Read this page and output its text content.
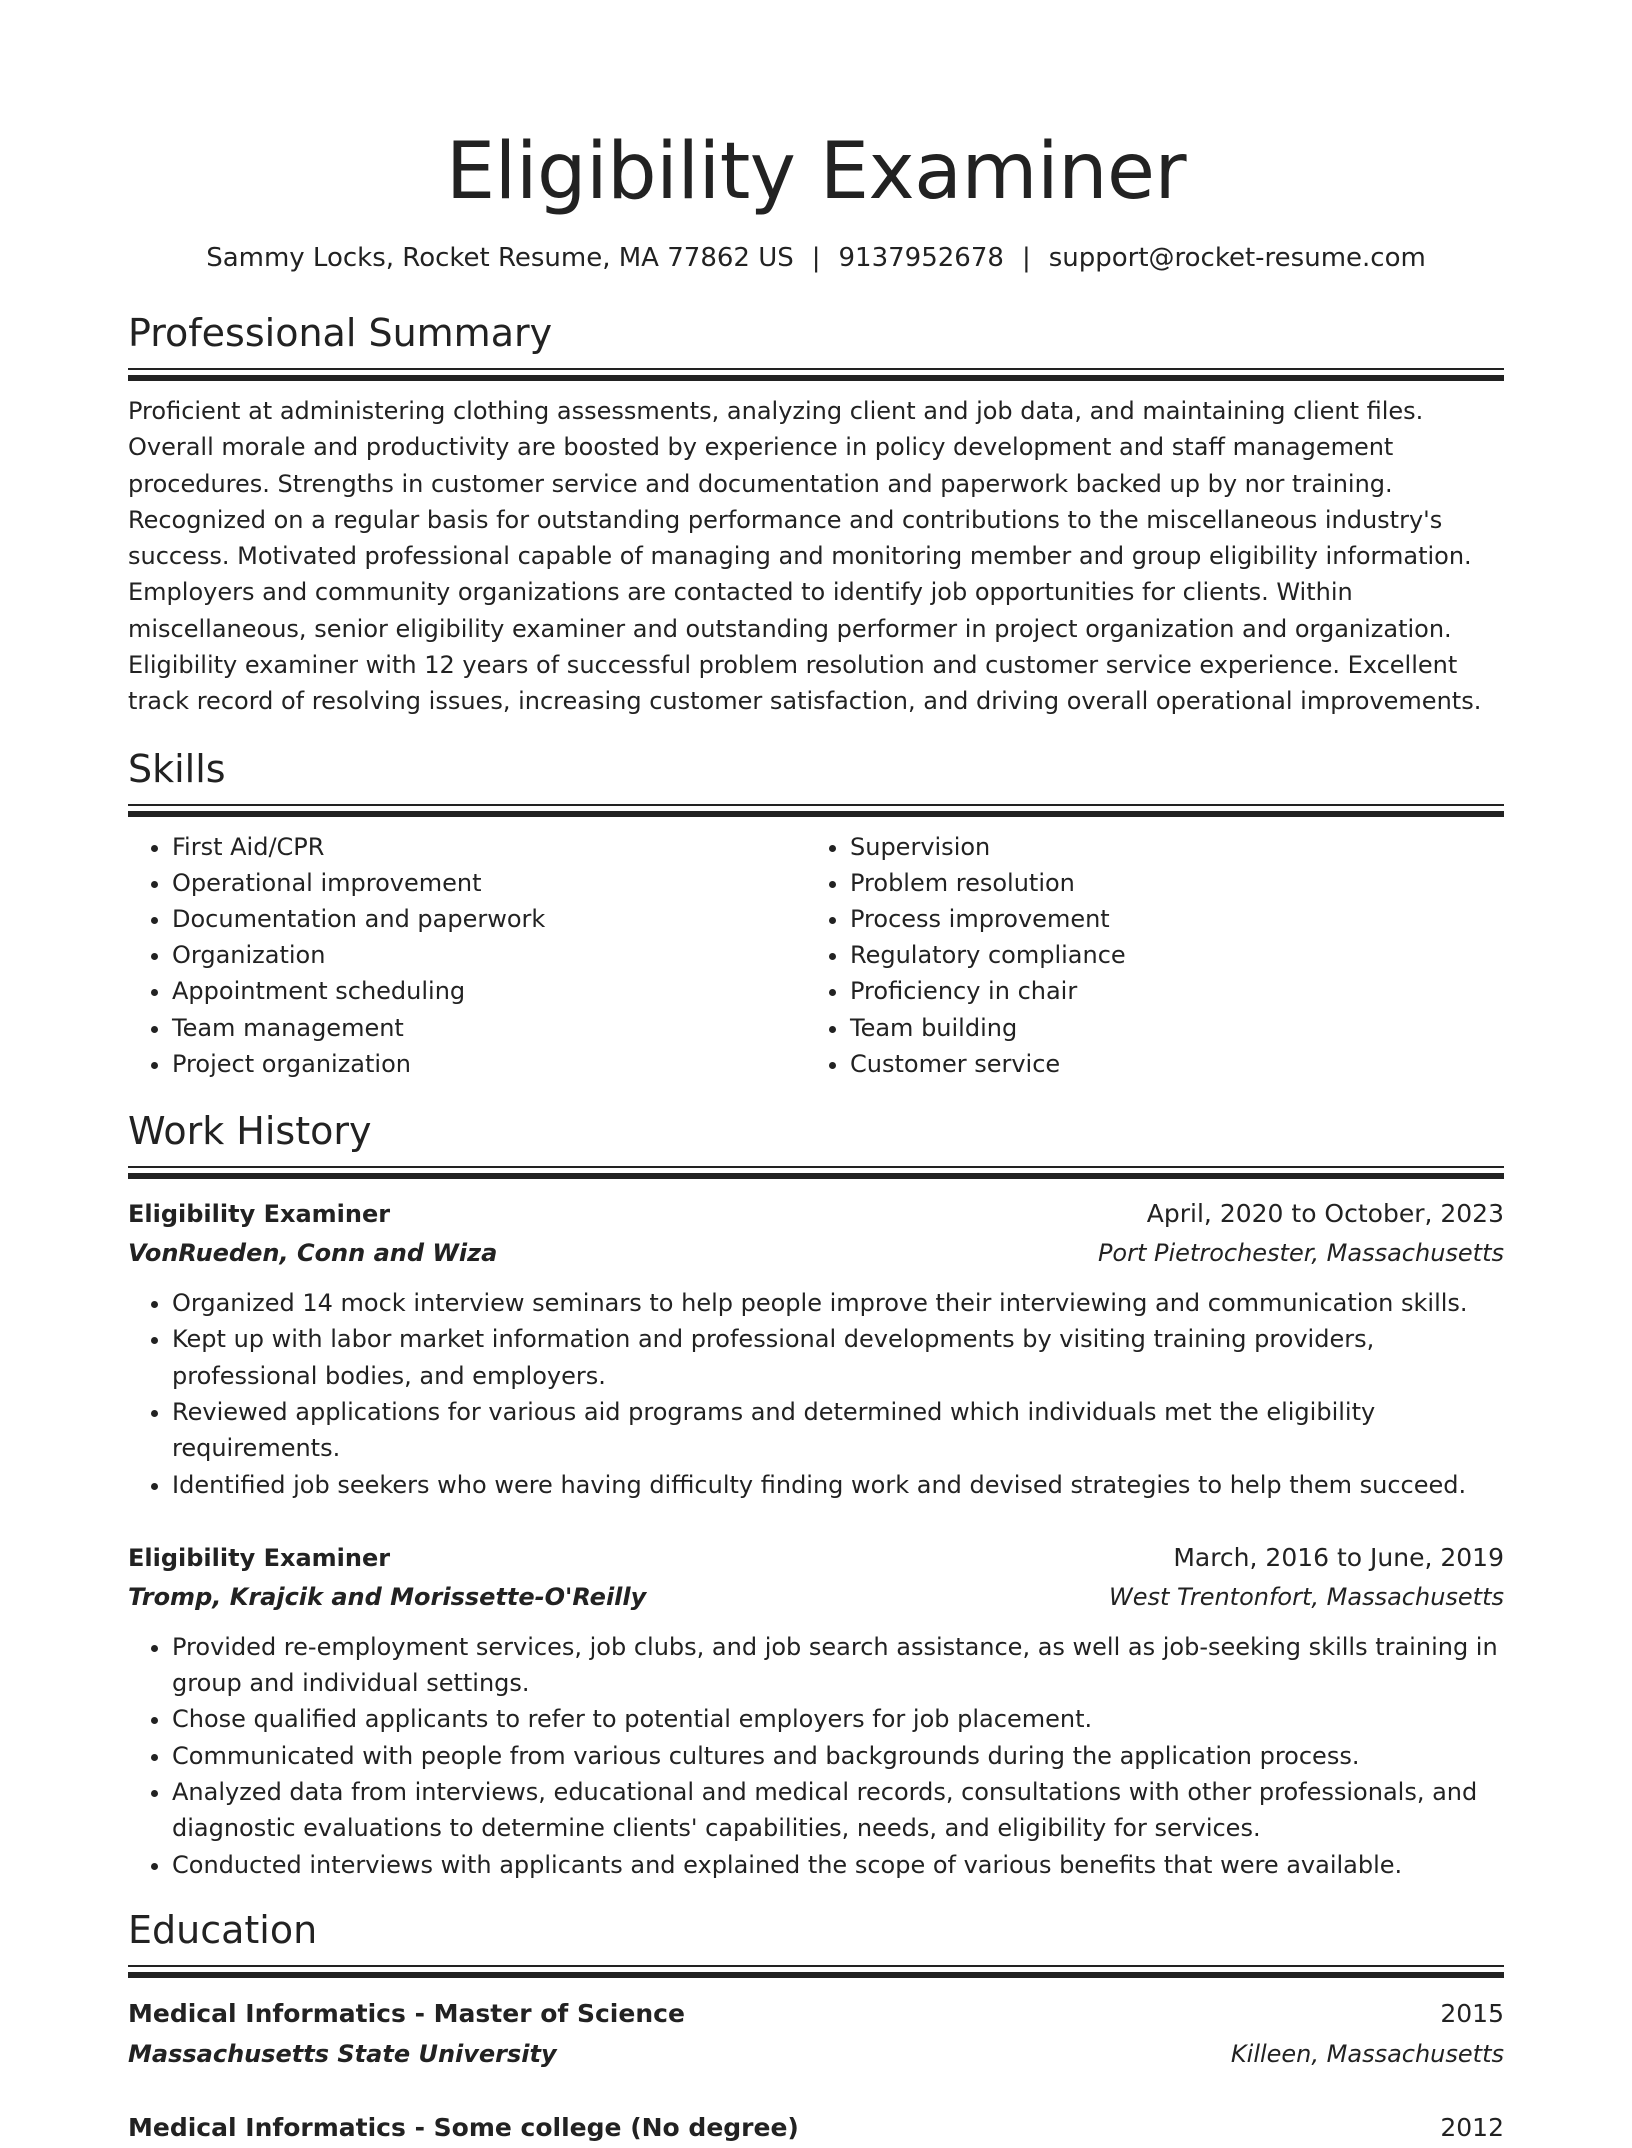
Eligibility Examiner
Sammy Locks, Rocket Resume, MA 77862 US | 9137952678 | support@rocket-resume.com
Professional Summary

Proficient at administering clothing assessments, analyzing client and job data, and maintaining client files. Overall morale and productivity are boosted by experience in policy development and staff management procedures. Strengths in customer service and documentation and paperwork backed up by nor training. Recognized on a regular basis for outstanding performance and contributions to the miscellaneous industry's success. Motivated professional capable of managing and monitoring member and group eligibility information. Employers and community organizations are contacted to identify job opportunities for clients. Within miscellaneous, senior eligibility examiner and outstanding performer in project organization and organization. Eligibility examiner with 12 years of successful problem resolution and customer service experience. Excellent track record of resolving issues, increasing customer satisfaction, and driving overall operational improvements.

Skills
• First Aid/CPR
• Operational improvement
• Documentation and paperwork
• Organization
• Appointment scheduling
• Team management
• Project organization
• Supervision
• Problem resolution
• Process improvement
• Regulatory compliance
• Proficiency in chair
• Team building
• Customer service
Work History
Eligibility Examiner	April, 2020 to October, 2023
VonRueden, Conn and Wiza	Port Pietrochester, Massachusetts
• Organized 14 mock interview seminars to help people improve their interviewing and communication skills.
• Kept up with labor market information and professional developments by visiting training providers, professional bodies, and employers.
• Reviewed applications for various aid programs and determined which individuals met the eligibility requirements.
• Identified job seekers who were having difficulty finding work and devised strategies to help them succeed.
Eligibility Examiner	March, 2016 to June, 2019
Tromp, Krajcik and Morissette-O'Reilly	West Trentonfort, Massachusetts
• Provided re-employment services, job clubs, and job search assistance, as well as job-seeking skills training in group and individual settings.
• Chose qualified applicants to refer to potential employers for job placement.
• Communicated with people from various cultures and backgrounds during the application process.
• Analyzed data from interviews, educational and medical records, consultations with other professionals, and diagnostic evaluations to determine clients' capabilities, needs, and eligibility for services.
• Conducted interviews with applicants and explained the scope of various benefits that were available.
Education
Medical Informatics - Master of Science	2015
Massachusetts State University	Killeen, Massachusetts
Medical Informatics - Some college (No degree)	2012
